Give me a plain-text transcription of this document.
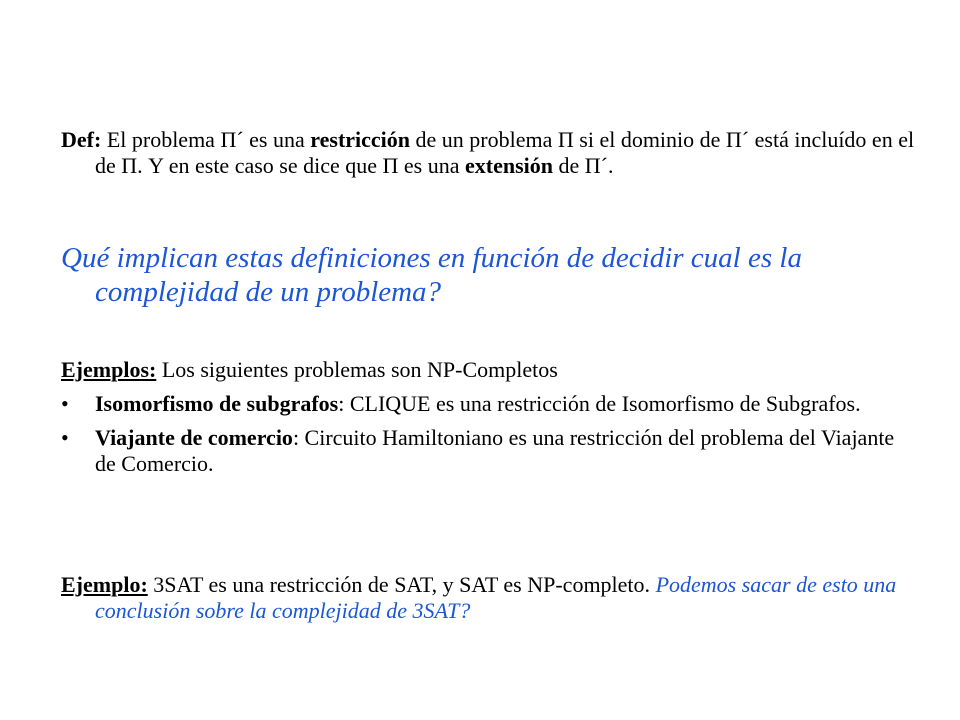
Def: El problema Π´ es una restricción de un problema Π si el dominio de Π´ está incluído en el de Π. Y en este caso se dice que Π es una extensión de Π´.
Qué implican estas definiciones en función de decidir cual es la complejidad de un problema?
Ejemplos: Los siguientes problemas son NP-Completos
• Isomorfismo de subgrafos: CLIQUE es una restricción de Isomorfismo de Subgrafos.
• Viajante de comercio: Circuito Hamiltoniano es una restricción del problema del Viajante de Comercio.
Ejemplo: 3SAT es una restricción de SAT, y SAT es NP-completo. Podemos sacar de esto una conclusión sobre la complejidad de 3SAT?
